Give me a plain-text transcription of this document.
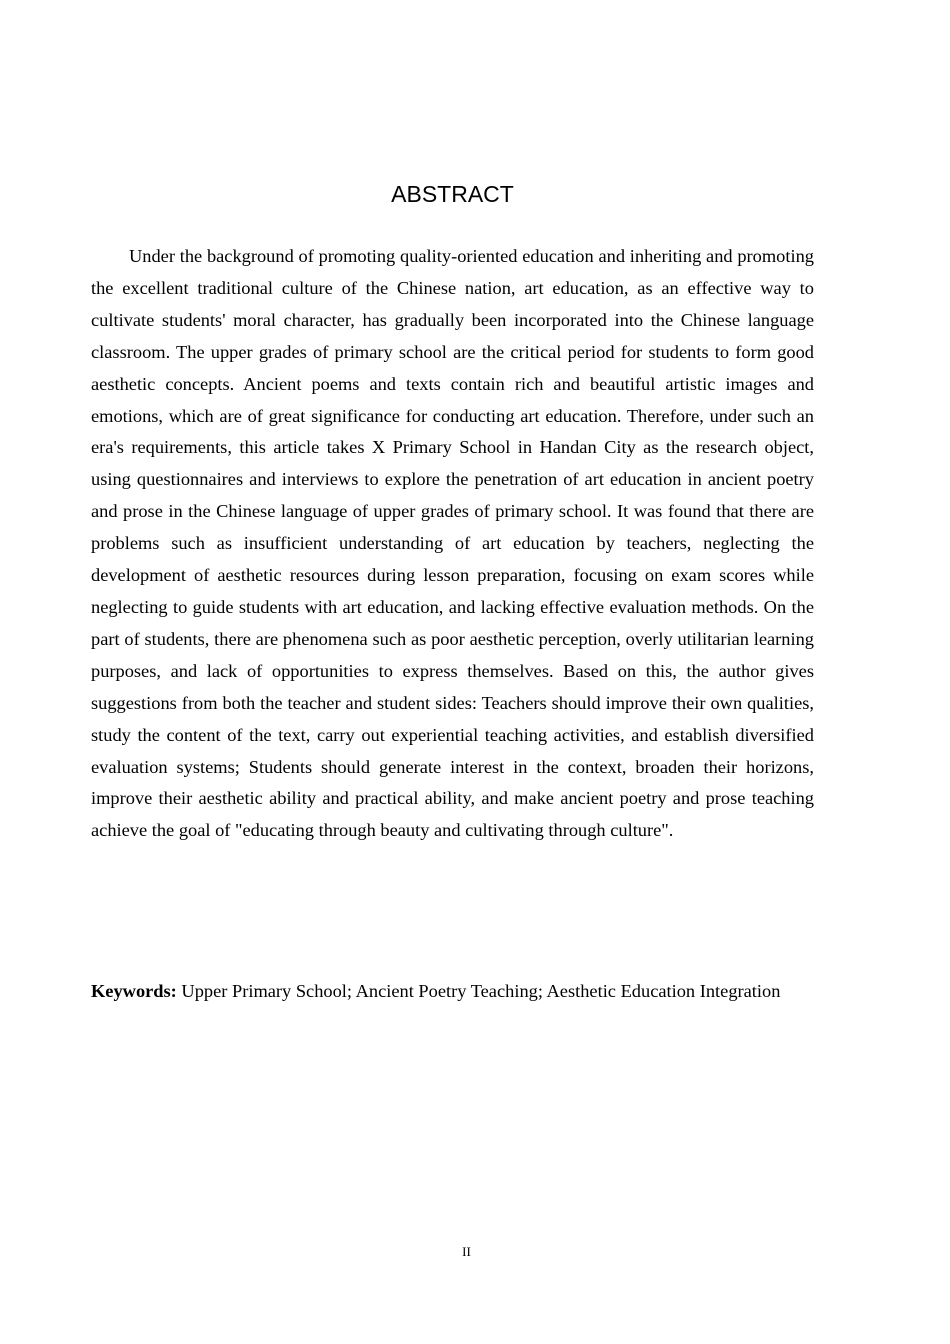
ABSTRACT

Under the background of promoting quality-oriented education and inheriting and promoting the excellent traditional culture of the Chinese nation, art education, as an effective way to cultivate students' moral character, has gradually been incorporated into the Chinese language classroom. The upper grades of primary school are the critical period for students to form good aesthetic concepts. Ancient poems and texts contain rich and beautiful artistic images and emotions, which are of great significance for conducting art education. Therefore, under such an era's requirements, this article takes X Primary School in Handan City as the research object, using questionnaires and interviews to explore the penetration of art education in ancient poetry and prose in the Chinese language of upper grades of primary school. It was found that there are problems such as insufficient understanding of art education by teachers, neglecting the development of aesthetic resources during lesson preparation, focusing on exam scores while neglecting to guide students with art education, and lacking effective evaluation methods. On the part of students, there are phenomena such as poor aesthetic perception, overly utilitarian learning purposes, and lack of opportunities to express themselves. Based on this, the author gives suggestions from both the teacher and student sides: Teachers should improve their own qualities, study the content of the text, carry out experiential teaching activities, and establish diversified evaluation systems; Students should generate interest in the context, broaden their horizons, improve their aesthetic ability and practical ability, and make ancient poetry and prose teaching achieve the goal of "educating through beauty and cultivating through culture".

Keywords: Upper Primary School; Ancient Poetry Teaching; Aesthetic Education Integration

II
